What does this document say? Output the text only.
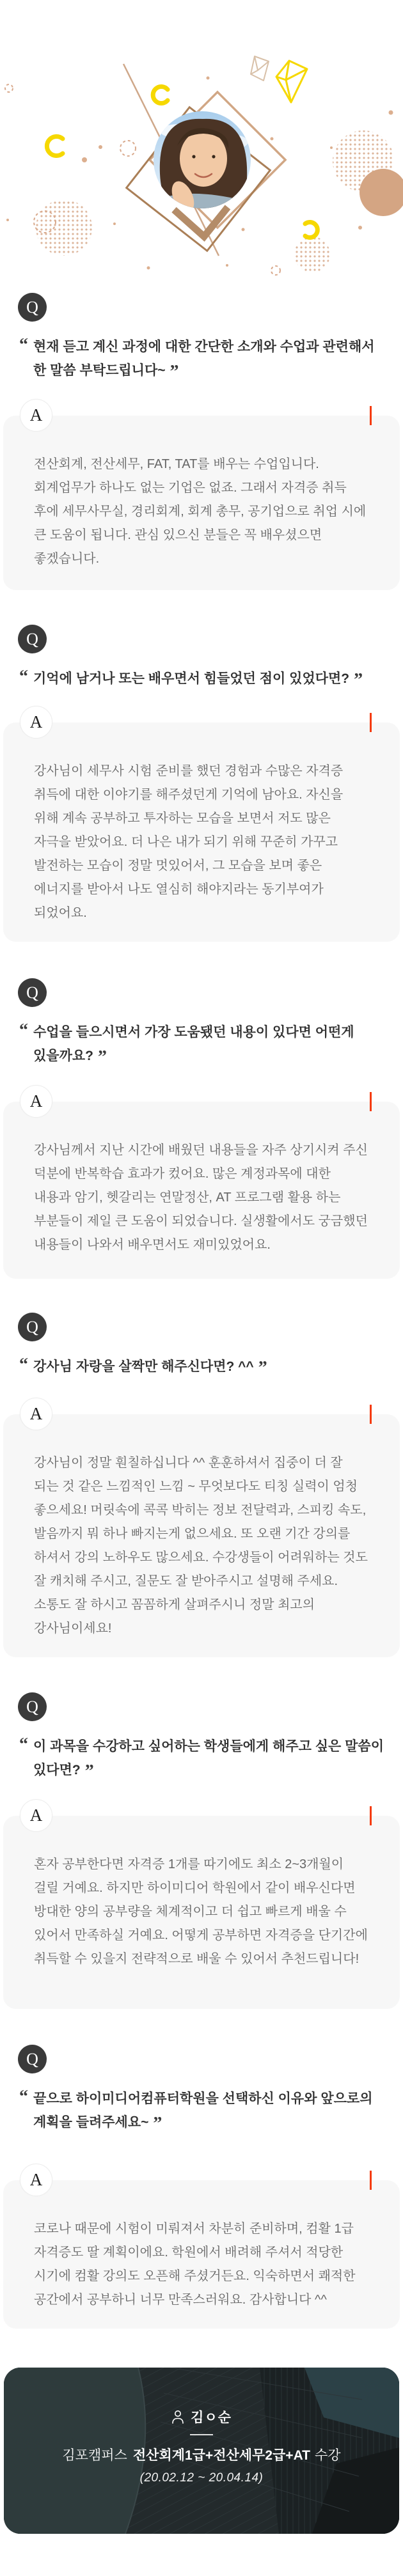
Q
“ 현재 듣고 계신 과정에 대한 간단한 소개와 수업과 관련해서 한 말씀 부탁드립니다~ ”
A
전산회계, 전산세무, FAT, TAT를 배우는 수업입니다. 회계업무가 하나도 없는 기업은 없죠. 그래서 자격증 취득 후에 세무사무실, 경리회계, 회계 총무, 공기업으로 취업 시에 큰 도움이 됩니다. 관심 있으신 분들은 꼭 배우셨으면 좋겠습니다.
Q
“ 기억에 남거나 또는 배우면서 힘들었던 점이 있었다면? ”
A
강사님이 세무사 시험 준비를 했던 경험과 수많은 자격증 취득에 대한 이야기를 해주셨던게 기억에 남아요. 자신을 위해 계속 공부하고 투자하는 모습을 보면서 저도 많은 자극을 받았어요. 더 나은 내가 되기 위해 꾸준히 가꾸고 발전하는 모습이 정말 멋있어서, 그 모습을 보며 좋은 에너지를 받아서 나도 열심히 해야지라는 동기부여가 되었어요.
Q
“ 수업을 들으시면서 가장 도움됐던 내용이 있다면 어떤게 있을까요? ”
A
강사님께서 지난 시간에 배웠던 내용들을 자주 상기시켜 주신 덕분에 반복학습 효과가 컸어요. 많은 계정과목에 대한 내용과 암기, 헷갈리는 연말정산, AT 프로그램 활용 하는 부분들이 제일 큰 도움이 되었습니다. 실생활에서도 궁금했던 내용들이 나와서 배우면서도 재미있었어요.
Q
“ 강사님 자랑을 살짝만 해주신다면? ^^ ”
A
강사님이 정말 훤칠하십니다 ^^ 훈훈하셔서 집중이 더 잘 되는 것 같은 느낌적인 느낌 ~ 무엇보다도 티칭 실력이 엄청 좋으세요! 머릿속에 콕콕 박히는 정보 전달력과, 스피킹 속도, 발음까지 뭐 하나 빠지는게 없으세요. 또 오랜 기간 강의를 하셔서 강의 노하우도 많으세요. 수강생들이 어려워하는 것도 잘 캐치해 주시고, 질문도 잘 받아주시고 설명해 주세요. 소통도 잘 하시고 꼼꼼하게 살펴주시니 정말 최고의 강사님이세요!
Q
“ 이 과목을 수강하고 싶어하는 학생들에게 해주고 싶은 말씀이 있다면? ”
A
혼자 공부한다면 자격증 1개를 따기에도 최소 2~3개월이 걸릴 거예요. 하지만 하이미디어 학원에서 같이 배우신다면 방대한 양의 공부량을 체계적이고 더 쉽고 빠르게 배울 수 있어서 만족하실 거예요. 어떻게 공부하면 자격증을 단기간에 취득할 수 있을지 전략적으로 배울 수 있어서 추천드립니다!
Q
“ 끝으로 하이미디어컴퓨터학원을 선택하신 이유와 앞으로의 계획을 들려주세요~ ”
A
코로나 때문에 시험이 미뤄져서 차분히 준비하며, 컴활 1급 자격증도 딸 계획이에요. 학원에서 배려해 주셔서 적당한 시기에 컴활 강의도 오픈해 주셨거든요. 익숙하면서 쾌적한 공간에서 공부하니 너무 만족스러워요. 감사합니다 ^^
김ㅇ순
김포캠퍼스 전산회계1급+전산세무2급+AT 수강
(20.02.12 ~ 20.04.14)
